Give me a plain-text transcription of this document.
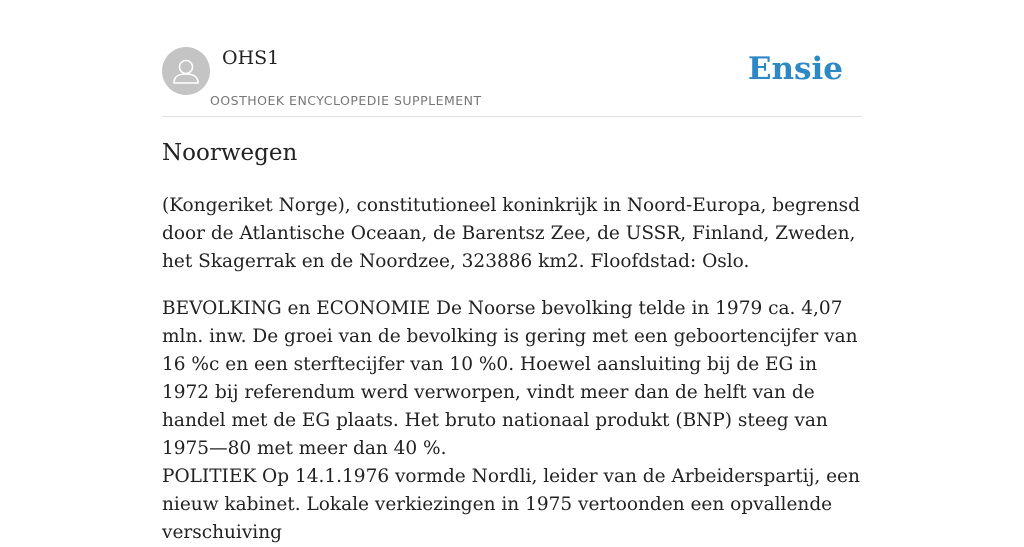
OHS1
OOSTHOEK ENCYCLOPEDIE SUPPLEMENT
Ensie
Noorwegen

(Kongeriket Norge), constitutioneel koninkrijk in Noord-Europa, begrensd door de Atlantische Oceaan, de Barentsz Zee, de USSR, Finland, Zweden, het Skagerrak en de Noordzee, 323886 km2. Floofdstad: Oslo.

BEVOLKING en ECONOMIE De Noorse bevolking telde in 1979 ca. 4,07 mln. inw. De groei van de bevolking is gering met een geboortencijfer van 16 %c en een sterftecijfer van 10 %0. Hoewel aansluiting bij de EG in 1972 bij referendum werd verworpen, vindt meer dan de helft van de handel met de EG plaats. Het bruto nationaal produkt (BNP) steeg van 1975—80 met meer dan 40 %.

POLITIEK Op 14.1.1976 vormde Nordli, leider van de Arbeiderspartij, een nieuw kabinet. Lokale verkiezingen in 1975 vertoonden een opvallende verschuiving
